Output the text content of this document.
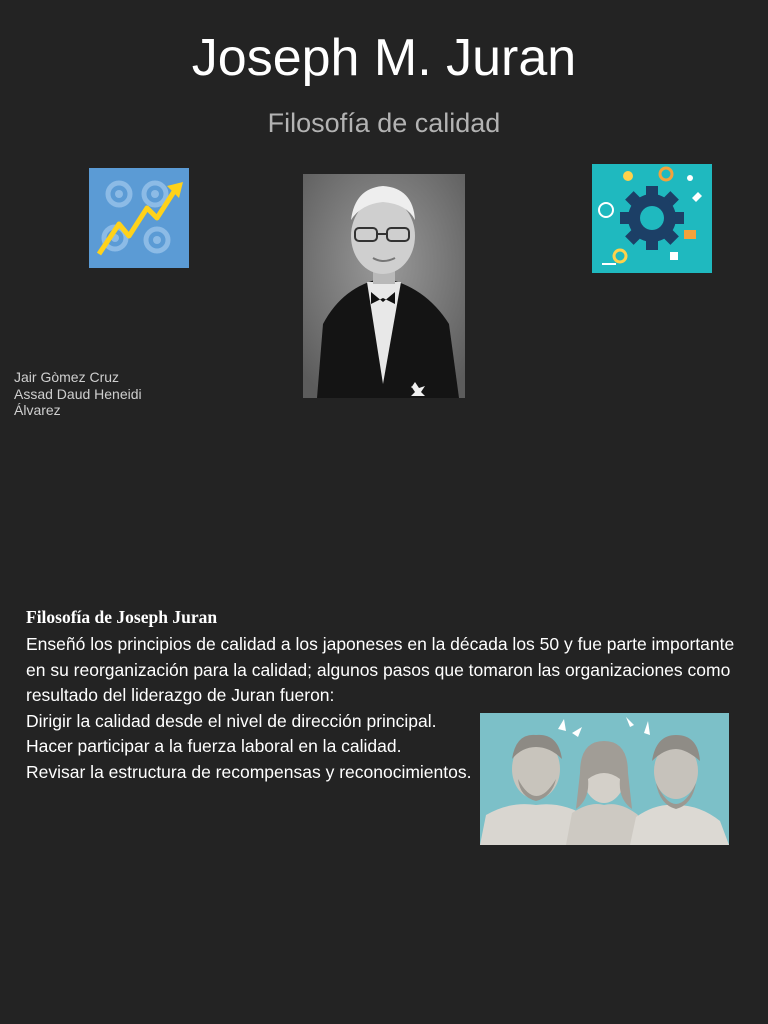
Joseph M. Juran
Filosofía de calidad
Jair Gòmez Cruz
Assad Daud Heneidi
Álvarez
Filosofía de Joseph Juran

Enseñó los principios de calidad a los japoneses en la década los 50 y fue parte importante en su reorganización para la calidad; algunos pasos que tomaron las organizaciones como resultado del liderazgo de Juran fueron:

Dirigir la calidad desde el nivel de dirección principal.
Hacer participar a la fuerza laboral en la calidad.
Revisar la estructura de recompensas y reconocimientos.
